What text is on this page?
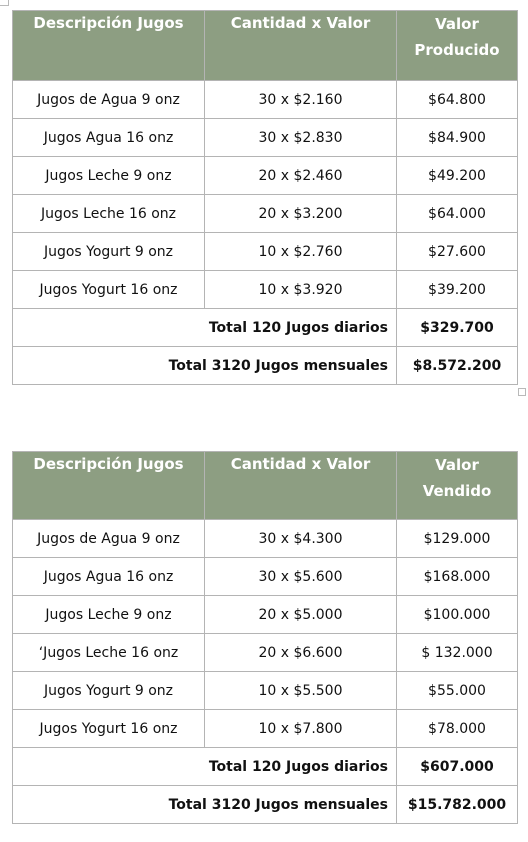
Descripción Jugos	Cantidad x Valor	Valor
Producido
Jugos de Agua 9 onz	30 x $2.160	$64.800
Jugos Agua 16 onz	30 x $2.830	$84.900
Jugos Leche 9 onz	20 x $2.460	$49.200
Jugos Leche 16 onz	20 x $3.200	$64.000
Jugos Yogurt 9 onz	10 x $2.760	$27.600
Jugos Yogurt 16 onz	10 x $3.920	$39.200
Total 120 Jugos diarios		$329.700
Total 3120 Jugos mensuales		$8.572.200
Descripción Jugos	Cantidad x Valor	Valor
Vendido
Jugos de Agua 9 onz	30 x $4.300	$129.000
Jugos Agua 16 onz	30 x $5.600	$168.000
Jugos Leche 9 onz	20 x $5.000	$100.000
‘Jugos Leche 16 onz	20 x $6.600	$ 132.000
Jugos Yogurt 9 onz	10 x $5.500	$55.000
Jugos Yogurt 16 onz	10 x $7.800	$78.000
Total 120 Jugos diarios		$607.000
Total 3120 Jugos mensuales		$15.782.000
